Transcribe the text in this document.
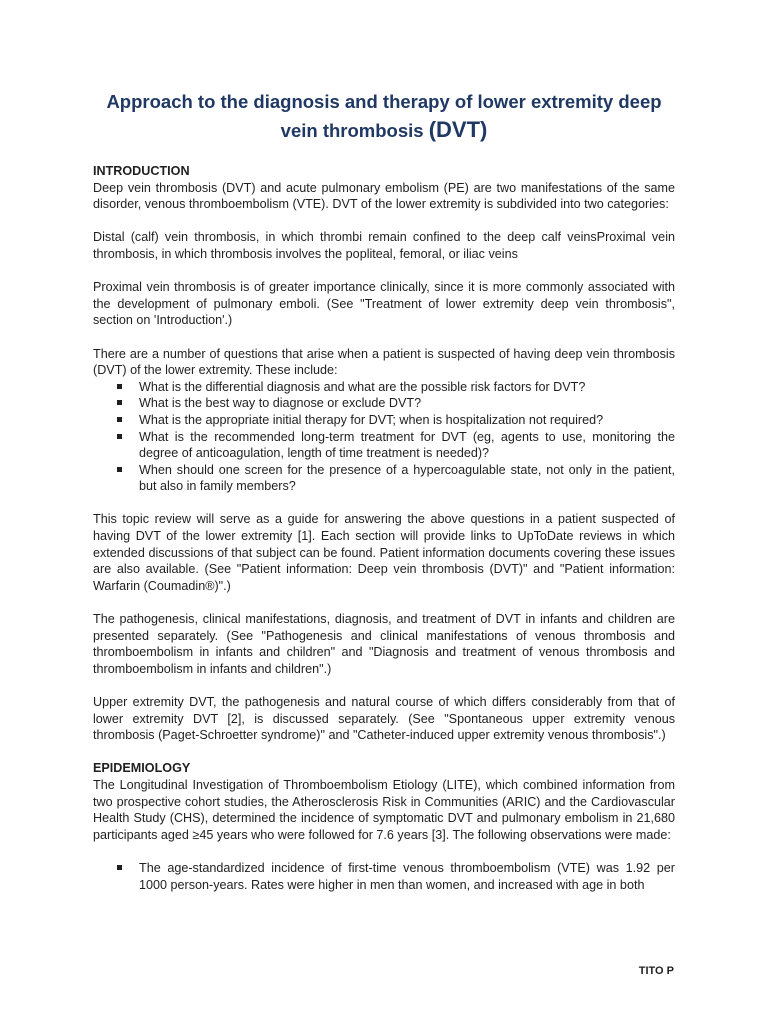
Approach to the diagnosis and therapy of lower extremity deep vein thrombosis (DVT)

INTRODUCTION

Deep vein thrombosis (DVT) and acute pulmonary embolism (PE) are two manifestations of the same disorder, venous thromboembolism (VTE). DVT of the lower extremity is subdivided into two categories:

Distal (calf) vein thrombosis, in which thrombi remain confined to the deep calf veinsProximal vein thrombosis, in which thrombosis involves the popliteal, femoral, or iliac veins

Proximal vein thrombosis is of greater importance clinically, since it is more commonly associated with the development of pulmonary emboli. (See "Treatment of lower extremity deep vein thrombosis", section on 'Introduction'.)

There are a number of questions that arise when a patient is suspected of having deep vein thrombosis (DVT) of the lower extremity. These include:

What is the differential diagnosis and what are the possible risk factors for DVT?
What is the best way to diagnose or exclude DVT?
What is the appropriate initial therapy for DVT; when is hospitalization not required?
What is the recommended long-term treatment for DVT (eg, agents to use, monitoring the degree of anticoagulation, length of time treatment is needed)?
When should one screen for the presence of a hypercoagulable state, not only in the patient, but also in family members?

This topic review will serve as a guide for answering the above questions in a patient suspected of having DVT of the lower extremity [1]. Each section will provide links to UpToDate reviews in which extended discussions of that subject can be found. Patient information documents covering these issues are also available. (See "Patient information: Deep vein thrombosis (DVT)" and "Patient information: Warfarin (Coumadin®)".)

The pathogenesis, clinical manifestations, diagnosis, and treatment of DVT in infants and children are presented separately. (See "Pathogenesis and clinical manifestations of venous thrombosis and thromboembolism in infants and children" and "Diagnosis and treatment of venous thrombosis and thromboembolism in infants and children".)

Upper extremity DVT, the pathogenesis and natural course of which differs considerably from that of lower extremity DVT [2], is discussed separately. (See "Spontaneous upper extremity venous thrombosis (Paget-Schroetter syndrome)" and "Catheter-induced upper extremity venous thrombosis".)

EPIDEMIOLOGY

The Longitudinal Investigation of Thromboembolism Etiology (LITE), which combined information from two prospective cohort studies, the Atherosclerosis Risk in Communities (ARIC) and the Cardiovascular Health Study (CHS), determined the incidence of symptomatic DVT and pulmonary embolism in 21,680 participants aged ≥45 years who were followed for 7.6 years [3]. The following observations were made:

The age-standardized incidence of first-time venous thromboembolism (VTE) was 1.92 per 1000 person-years. Rates were higher in men than women, and increased with age in both
TITO P
